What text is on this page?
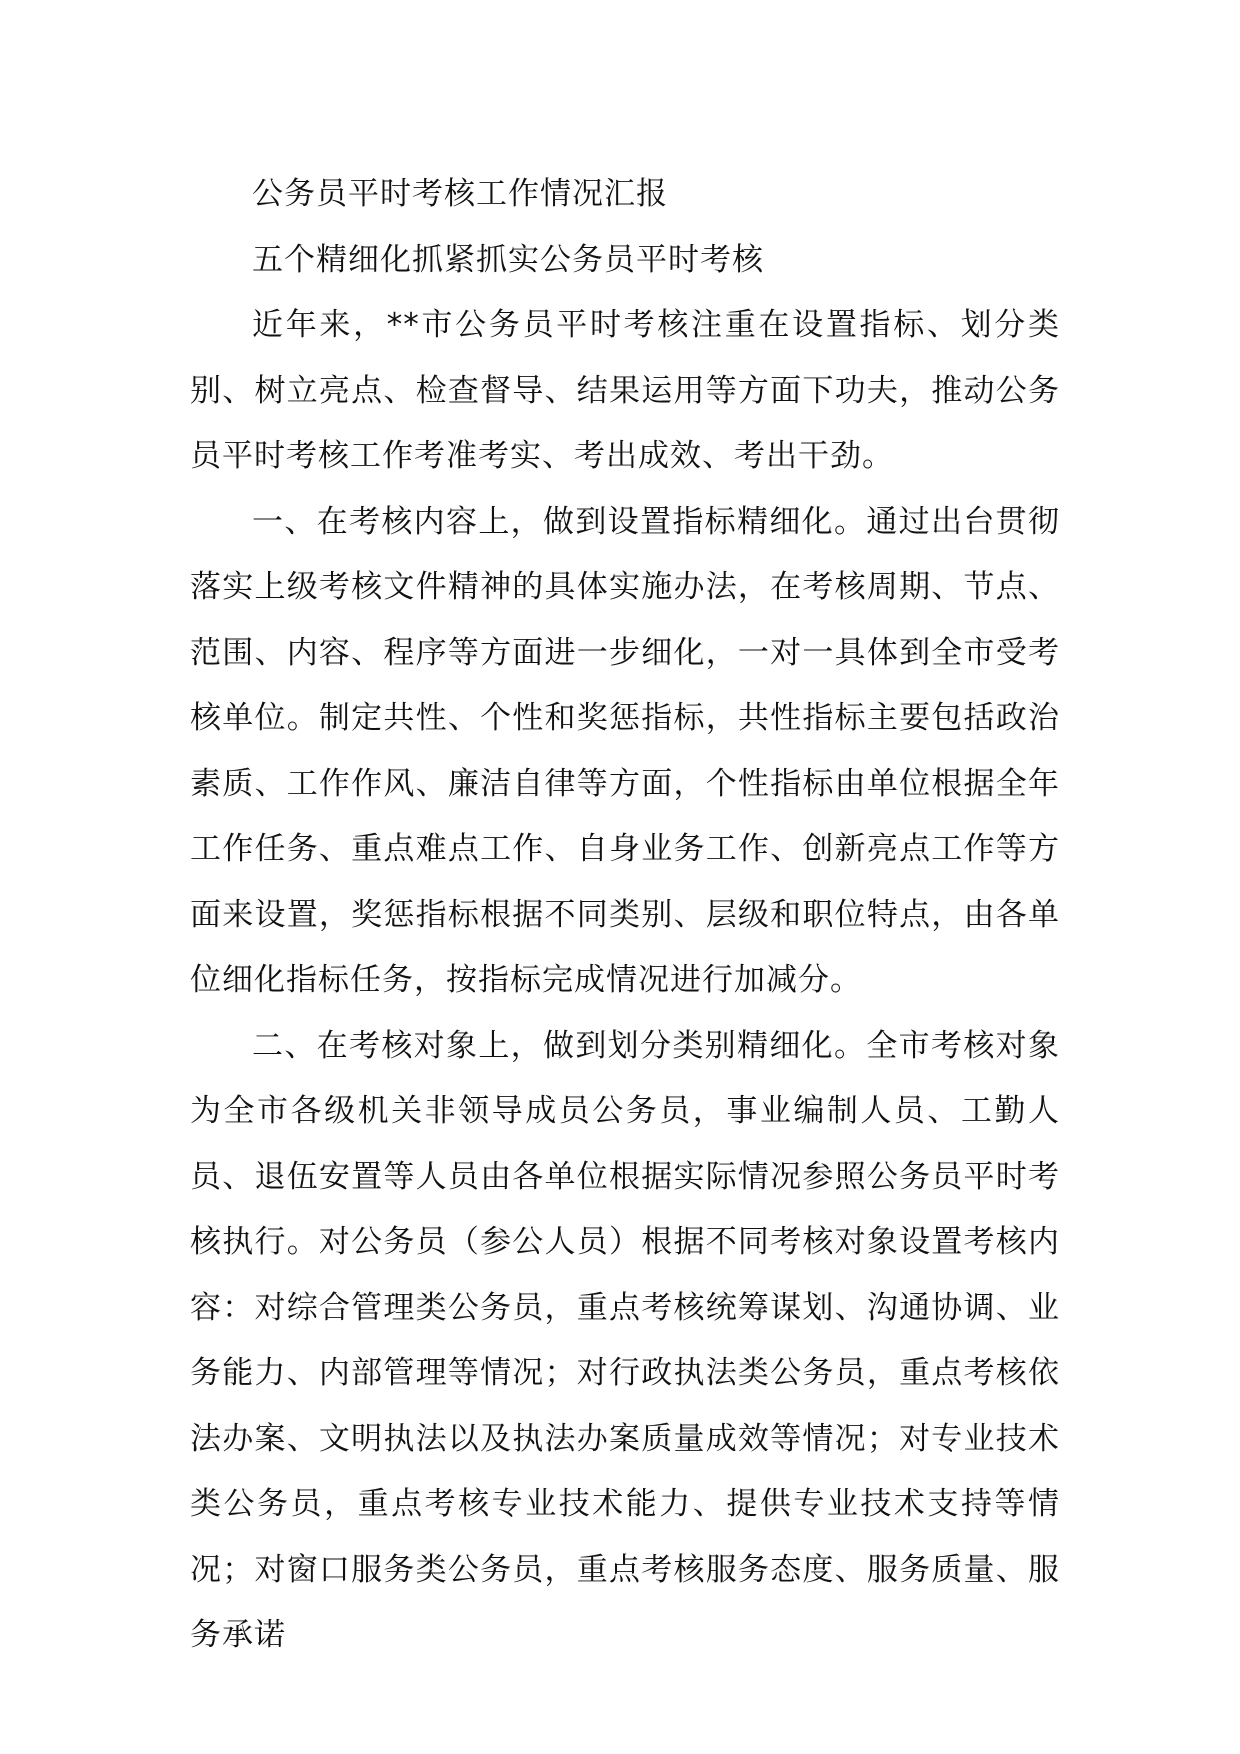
公务员平时考核工作情况汇报

五个精细化抓紧抓实公务员平时考核

近年来，**市公务员平时考核注重在设置指标、划分类别、树立亮点、检查督导、结果运用等方面下功夫，推动公务员平时考核工作考准考实、考出成效、考出干劲。

一、在考核内容上，做到设置指标精细化。通过出台贯彻落实上级考核文件精神的具体实施办法，在考核周期、节点、范围、内容、程序等方面进一步细化，一对一具体到全市受考核单位。制定共性、个性和奖惩指标，共性指标主要包括政治素质、工作作风、廉洁自律等方面，个性指标由单位根据全年工作任务、重点难点工作、自身业务工作、创新亮点工作等方面来设置，奖惩指标根据不同类别、层级和职位特点，由各单位细化指标任务，按指标完成情况进行加减分。

二、在考核对象上，做到划分类别精细化。全市考核对象为全市各级机关非领导成员公务员，事业编制人员、工勤人员、退伍安置等人员由各单位根据实际情况参照公务员平时考核执行。对公务员（参公人员）根据不同考核对象设置考核内容：对综合管理类公务员，重点考核统筹谋划、沟通协调、业务能力、内部管理等情况；对行政执法类公务员，重点考核依法办案、文明执法以及执法办案质量成效等情况；对专业技术类公务员，重点考核专业技术能力、提供专业技术支持等情况；对窗口服务类公务员，重点考核服务态度、服务质量、服务承诺
